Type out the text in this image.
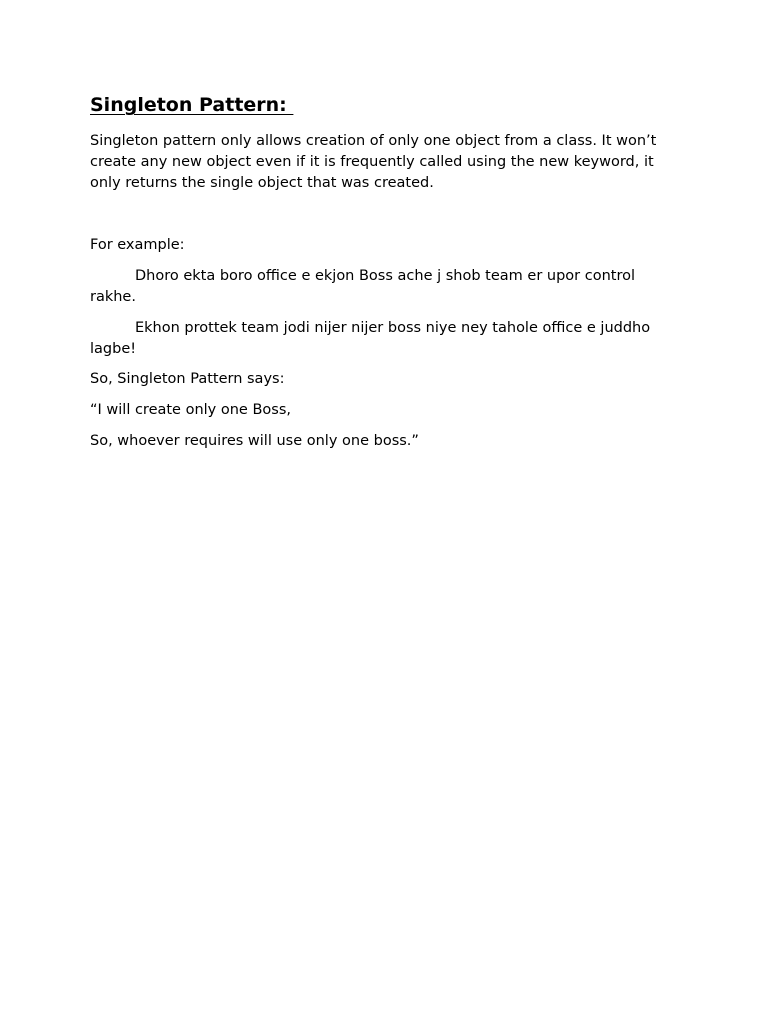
Singleton Pattern:

Singleton pattern only allows creation of only one object from a class. It won’t create any new object even if it is frequently called using the new keyword, it only returns the single object that was created.

For example:

Dhoro ekta boro office e ekjon Boss ache j shob team er upor control rakhe.

Ekhon prottek team jodi nijer nijer boss niye ney tahole office e juddho lagbe!

So, Singleton Pattern says:

“I will create only one Boss,

So, whoever requires will use only one boss.”
